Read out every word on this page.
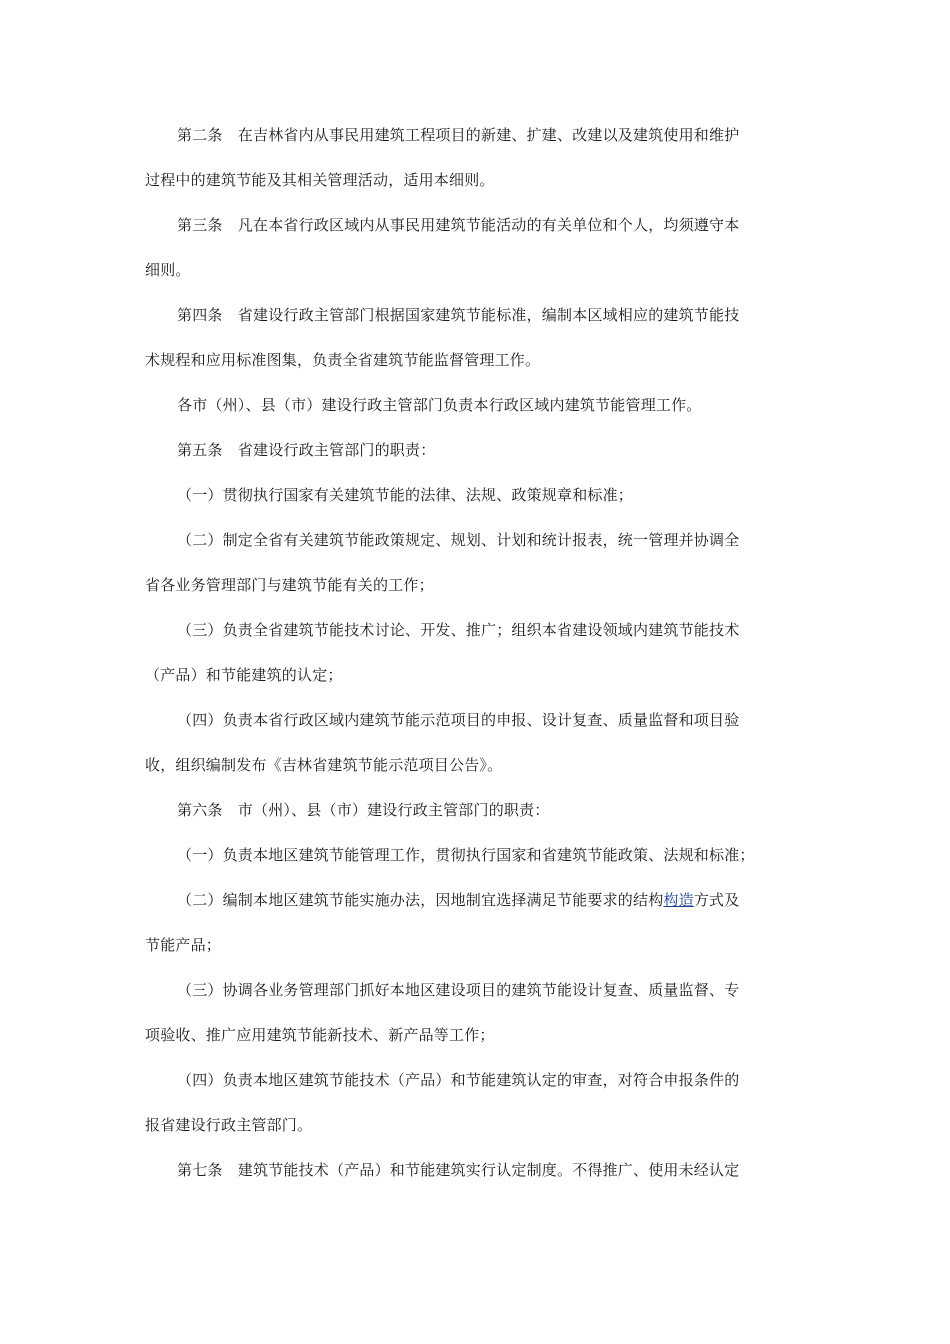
第二条　在吉林省内从事民用建筑工程项目的新建、扩建、改建以及建筑使用和维护
过程中的建筑节能及其相关管理活动，适用本细则。
第三条　凡在本省行政区域内从事民用建筑节能活动的有关单位和个人，均须遵守本
细则。
第四条　省建设行政主管部门根据国家建筑节能标准，编制本区域相应的建筑节能技
术规程和应用标准图集，负责全省建筑节能监督管理工作。
各市（州）、县（市）建设行政主管部门负责本行政区域内建筑节能管理工作。
第五条　省建设行政主管部门的职责：
（一）贯彻执行国家有关建筑节能的法律、法规、政策规章和标准；
（二）制定全省有关建筑节能政策规定、规划、计划和统计报表，统一管理并协调全
省各业务管理部门与建筑节能有关的工作；
（三）负责全省建筑节能技术讨论、开发、推广；组织本省建设领域内建筑节能技术
（产品）和节能建筑的认定；
（四）负责本省行政区域内建筑节能示范项目的申报、设计复查、质量监督和项目验
收，组织编制发布《吉林省建筑节能示范项目公告》。
第六条　市（州）、县（市）建设行政主管部门的职责：
（一）负责本地区建筑节能管理工作，贯彻执行国家和省建筑节能政策、法规和标准；
（二）编制本地区建筑节能实施办法，因地制宜选择满足节能要求的结构构造方式及
节能产品；
（三）协调各业务管理部门抓好本地区建设项目的建筑节能设计复查、质量监督、专
项验收、推广应用建筑节能新技术、新产品等工作；
（四）负责本地区建筑节能技术（产品）和节能建筑认定的审查，对符合申报条件的
报省建设行政主管部门。
第七条　建筑节能技术（产品）和节能建筑实行认定制度。不得推广、使用未经认定
